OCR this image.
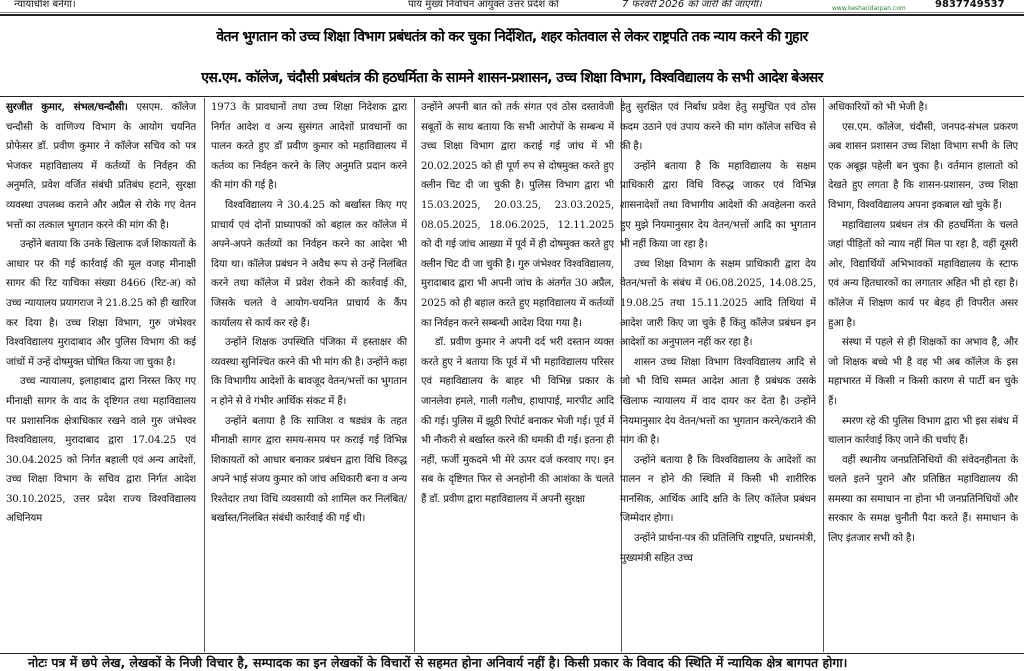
न्यायाधीश बनेगा।	पाय मुख्य निर्वाचन आयुक्त उत्तर प्रदेश को	7 फरवरी 2026 को जारी की जाएगी।	www.kesharidarpan.com	9837749537
वेतन भुगतान को उच्च शिक्षा विभाग प्रबंधतंत्र को कर चुका निर्देशित, शहर कोतवाल से लेकर राष्ट्रपति तक न्याय करने की गुहार
एस.एम. कॉलेज, चंदौसी प्रबंधतंत्र की हठधर्मिता के सामने शासन-प्रशासन, उच्च शिक्षा विभाग, विश्वविद्यालय के सभी आदेश बेअसर

सुरजीत कुमार, संभल/चन्दौसी। एसएम. कॉलेज चन्दौसी के वाणिज्य विभाग के आयोग चयनित प्रोफेसर डॉ. प्रवीण कुमार ने कॉलेज सचिव को पत्र भेजकर महाविद्यालय में कर्तव्यों के निर्वहन की अनुमति, प्रवेश वर्जित संबंधी प्रतिबंध हटाने, सुरक्षा व्यवस्था उपलब्ध कराने और अप्रैल से रोके गए वेतन भत्तों का तत्काल भुगतान करने की मांग की है।

उन्होंने बताया कि उनके खिलाफ दर्ज शिकायतों के आधार पर की गई कार्रवाई की मूल वजह मीनाक्षी सागर की रिट याचिका संख्या 8466 (रिट-अ) को उच्च न्यायालय प्रयागराज ने 21.8.25 को ही खारिज कर दिया है। उच्च शिक्षा विभाग, गुरु जंभेश्वर विश्वविद्यालय मुरादाबाद और पुलिस विभाग की कई जांचों में उन्हें दोषमुक्त घोषित किया जा चुका है।

उच्च न्यायालय, इलाहाबाद द्वारा निरस्त किए गए मीनाक्षी सागर के वाद के दृष्टिगत तथा महाविद्यालय पर प्रशासनिक क्षेत्राधिकार रखने वाले गुरु जंभेश्वर विश्वविद्यालय, मुरादाबाद द्वारा 17.04.25 एवं 30.04.2025 को निर्गत बहाली एवं अन्य आदेशों, उच्च शिक्षा विभाग के सचिव द्वारा निर्गत आदेश 30.10.2025, उत्तर प्रदेश राज्य विश्वविद्यालय अधिनियम

1973 के प्रावधानों तथा उच्च शिक्षा निदेशक द्वारा निर्गत आदेश व अन्य सुसंगत आदेशों प्रावधानों का पालन करते हुए डॉ प्रवीण कुमार को महाविद्यालय में कर्तव्य का निर्वहन करने के लिए अनुमति प्रदान करने की मांग की गई है।

विश्वविद्यालय ने 30.4.25 को बर्खास्त किए गए प्राचार्य एवं दोनों प्राध्यापकों को बहाल कर कॉलेज में अपने-अपने कर्तव्यों का निर्वहन करने का आदेश भी दिया था। कॉलेज प्रबंधन ने अवैध रूप से उन्हें निलंबित करने तथा कॉलेज में प्रवेश रोकने की कार्रवाई की, जिसके चलते वे आयोग-चयनित प्राचार्य के कैंप कार्यालय से कार्य कर रहे हैं।

उन्होंने शिक्षक उपस्थिति पंजिका में हस्ताक्षर की व्यवस्था सुनिश्चित करने की भी मांग की है। उन्होंने कहा कि विभागीय आदेशों के बावजूद वेतन/भत्तों का भुगतान न होने से वे गंभीर आर्थिक संकट में हैं।

उन्होंने बताया है कि साजिश व षड्यंत्र के तहत मीनाक्षी सागर द्वारा समय-समय पर कराई गई विभिन्न शिकायतों को आधार बनाकर प्रबंधन द्वारा विधि विरुद्ध अपने भाई संजय कुमार को जांच अधिकारी बना व अन्य रिश्तेदार तथा विधि व्यवसायी को शामिल कर निलंबित/बर्खास्त/निलंबित संबंधी कार्रवाई की गई थी।

उन्होंने अपनी बात को तर्क संगत एवं ठोस दस्तावेजी सबूतों के साथ बताया कि सभी आरोपों के सम्बन्ध में उच्च शिक्षा विभाग द्वारा कराई गई जांच में भी 20.02.2025 को ही पूर्ण रुप से दोषमुक्त करते हुए क्लीन चिट दी जा चुकी है। पुलिस विभाग द्वारा भी 15.03.2025, 20.03.25, 23.03.2025, 08.05.2025, 18.06.2025, 12.11.2025 को दी गई जांच आख्या में पूर्व में ही दोषमुक्त करते हुए क्लीन चिट दी जा चुकी है। गुरु जंभेश्वर विश्वविद्यालय, मुरादाबाद द्वारा भी अपनी जांच के अंतर्गत 30 अप्रैल, 2025 को ही बहाल करते हुए महाविद्यालय में कर्तव्यों का निर्वहन करने सम्बन्धी आदेश दिया गया है।

डॉ. प्रवीण कुमार ने अपनी दर्द भरी दस्तान व्यक्त करते हुए ने बताया कि पूर्व में भी महाविद्यालय परिसर एवं महाविद्यालय के बाहर भी विभिन्न प्रकार के जानलेवा हमले, गाली गलौच, हाथापाई, मारपीट आदि की गई। पुलिस में झूठी रिपोर्ट बनाकर भेजी गई। पूर्व में भी नौकरी से बर्खास्त करने की धमकी दी गई। इतना ही नहीं, फर्जी मुकदमे भी मेरे ऊपर दर्ज करवाए गए। इन सब के दृष्टिगत फिर से अनहोनी की आशंका के चलते हैं डॉ. प्रवीण द्वारा महाविद्यालय में अपनी सुरक्षा

हेतु सुरक्षित एवं निर्बाध प्रवेश हेतु समुचित एवं ठोस कदम उठाने एवं उपाय करने की मांग कॉलेज सचिव से की है।

उन्होंने बताया है कि महाविद्यालय के सक्षम प्राधिकारी द्वारा विधि विरुद्ध जाकर एवं विभिन्न शासनादेशों तथा विभागीय आदेशों की अवहेलना करते हुए मुझे नियमानुसार देय वेतन/भत्तों आदि का भुगतान भी नहीं किया जा रहा है।

उच्च शिक्षा विभाग के सक्षम प्राधिकारी द्वारा देय वेतन/भत्तों के संबंध में 06.08.2025, 14.08.25, 19.08.25 तथा 15.11.2025 आदि तिथियां में आदेश जारी किए जा चुके हैं किंतु कॉलेज प्रबंधन इन आदेशों का अनुपालन नहीं कर रहा है।

शासन उच्च शिक्षा विभाग विश्वविद्यालय आदि से जो भी विधि सम्मत आदेश आता है प्रबंधक उसके खिलाफ न्यायालय में वाद दायर कर देता है। उन्होंने नियमानुसार देय वेतन/भत्तों का भुगतान करने/कराने की मांग की है।

उन्होंने बताया है कि विश्वविद्यालय के आदेशों का पालन न होने की स्थिति में किसी भी शारीरिक मानसिक, आर्थिक आदि क्षति के लिए कॉलेज प्रबंधन जिम्मेदार होगा।

उन्होंने प्रार्थना-पत्र की प्रतिलिपि राष्ट्रपति, प्रधानमंत्री, मुख्यमंत्री सहित उच्च

अधिकारियों को भी भेजी है।

एस.एम. कॉलेज, चंदौसी, जनपद-संभल प्रकरण अब शासन प्रशासन उच्च शिक्षा विभाग सभी के लिए एक अबूझ पहेली बन चुका है। वर्तमान हालातो को देखते हुए लगता है कि शासन-प्रशासन, उच्च शिक्षा विभाग, विश्वविद्यालय अपना इकबाल खो चुके हैं।

महाविद्यालय प्रबंधन तंत्र की हठधर्मिता के चलते जहां पीड़ितों को न्याय नहीं मिल पा रहा है, वहीं दूसरी ओर, विद्यार्थियों अभिभावकों महाविद्यालय के स्टाफ एवं अन्य हितधारकों का लगातार अहित भी हो रहा है। कॉलेज में शिक्षण कार्य पर बेहद ही विपरीत असर हुआ है।

संस्था में पहले से ही शिक्षकों का अभाव है, और जो शिक्षक बच्चे भी है वह भी अब कॉलेज के इस महाभारत में किसी न किसी कारण से पार्टी बन चुके हैं।

स्मरण रहे की पुलिस विभाग द्वारा भी इस संबंध में चालान कार्रवाई किए जाने की चर्चाएं हैं।

वहीं स्थानीय जनप्रतिनिधियों की संवेदनहीनता के चलते इतने पुराने और प्रतिष्ठित महाविद्यालय की समस्या का समाधान ना होना भी जनप्रतिनिधियों और सरकार के समक्ष चुनौती पैदा करते हैं। समाधान के लिए इंतजार सभी को है।

नोटः पत्र में छपे लेख, लेखकों के निजी विचार है, सम्पादक का इन लेखकों के विचारों से सहमत होना अनिवार्य नहीं है। किसी प्रकार के विवाद की स्थिति में न्यायिक क्षेत्र बागपत होगा।
